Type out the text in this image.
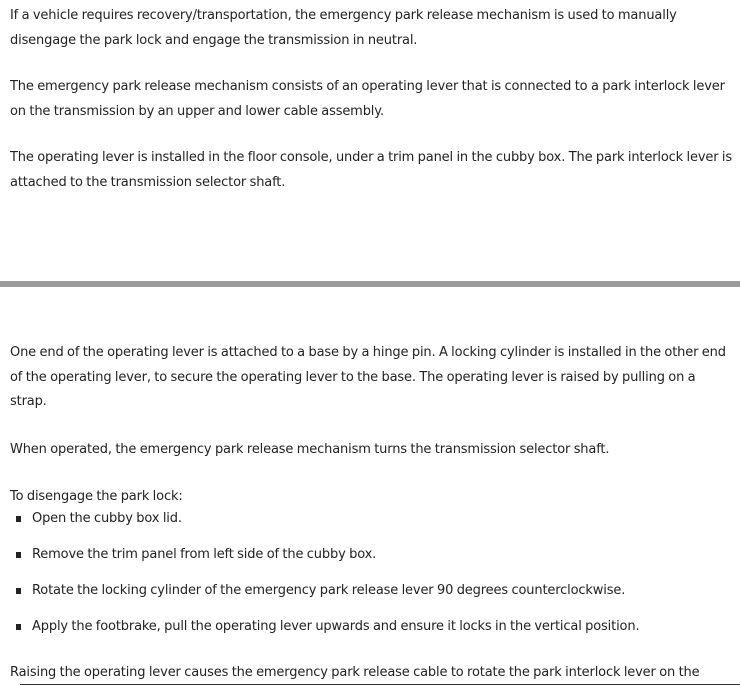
If a vehicle requires recovery/transportation, the emergency park release mechanism is used to manually disengage the park lock and engage the transmission in neutral.

The emergency park release mechanism consists of an operating lever that is connected to a park interlock lever on the transmission by an upper and lower cable assembly.

The operating lever is installed in the floor console, under a trim panel in the cubby box. The park interlock lever is attached to the transmission selector shaft.

One end of the operating lever is attached to a base by a hinge pin. A locking cylinder is installed in the other end of the operating lever, to secure the operating lever to the base. The operating lever is raised by pulling on a strap.

When operated, the emergency park release mechanism turns the transmission selector shaft.

To disengage the park lock:

Open the cubby box lid.
Remove the trim panel from left side of the cubby box.
Rotate the locking cylinder of the emergency park release lever 90 degrees counterclockwise.
Apply the footbrake, pull the operating lever upwards and ensure it locks in the vertical position.

Raising the operating lever causes the emergency park release cable to rotate the park interlock lever on the
